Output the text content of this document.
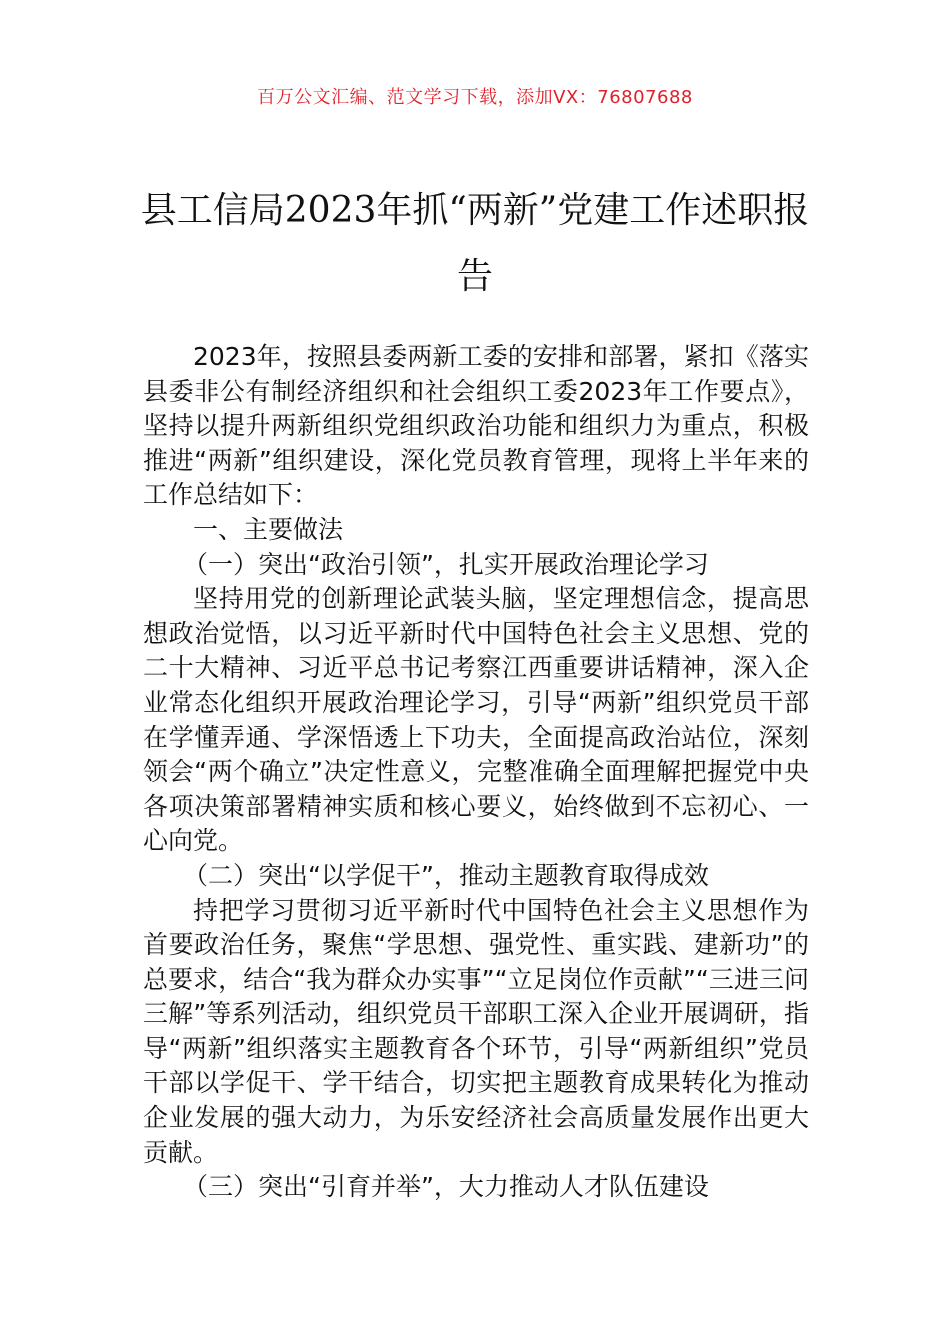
百万公文汇编、范文学习下载，添加VX：76807688
县工信局2023年抓“两新”党建工作述职报告

2023年，按照县委两新工委的安排和部署，紧扣《落实县委非公有制经济组织和社会组织工委2023年工作要点》，坚持以提升两新组织党组织政治功能和组织力为重点，积极推进“两新”组织建设，深化党员教育管理，现将上半年来的工作总结如下：

一、主要做法

（一）突出“政治引领”，扎实开展政治理论学习

坚持用党的创新理论武装头脑，坚定理想信念，提高思想政治觉悟，以习近平新时代中国特色社会主义思想、党的二十大精神、习近平总书记考察江西重要讲话精神，深入企业常态化组织开展政治理论学习，引导“两新”组织党员干部在学懂弄通、学深悟透上下功夫，全面提高政治站位，深刻领会“两个确立”决定性意义，完整准确全面理解把握党中央各项决策部署精神实质和核心要义，始终做到不忘初心、一心向党。

（二）突出“以学促干”，推动主题教育取得成效

持把学习贯彻习近平新时代中国特色社会主义思想作为首要政治任务，聚焦“学思想、强党性、重实践、建新功”的总要求，结合“我为群众办实事”“立足岗位作贡献”“三进三问三解”等系列活动，组织党员干部职工深入企业开展调研，指导“两新”组织落实主题教育各个环节，引导“两新组织”党员干部以学促干、学干结合，切实把主题教育成果转化为推动企业发展的强大动力，为乐安经济社会高质量发展作出更大贡献。

（三）突出“引育并举”，大力推动人才队伍建设
